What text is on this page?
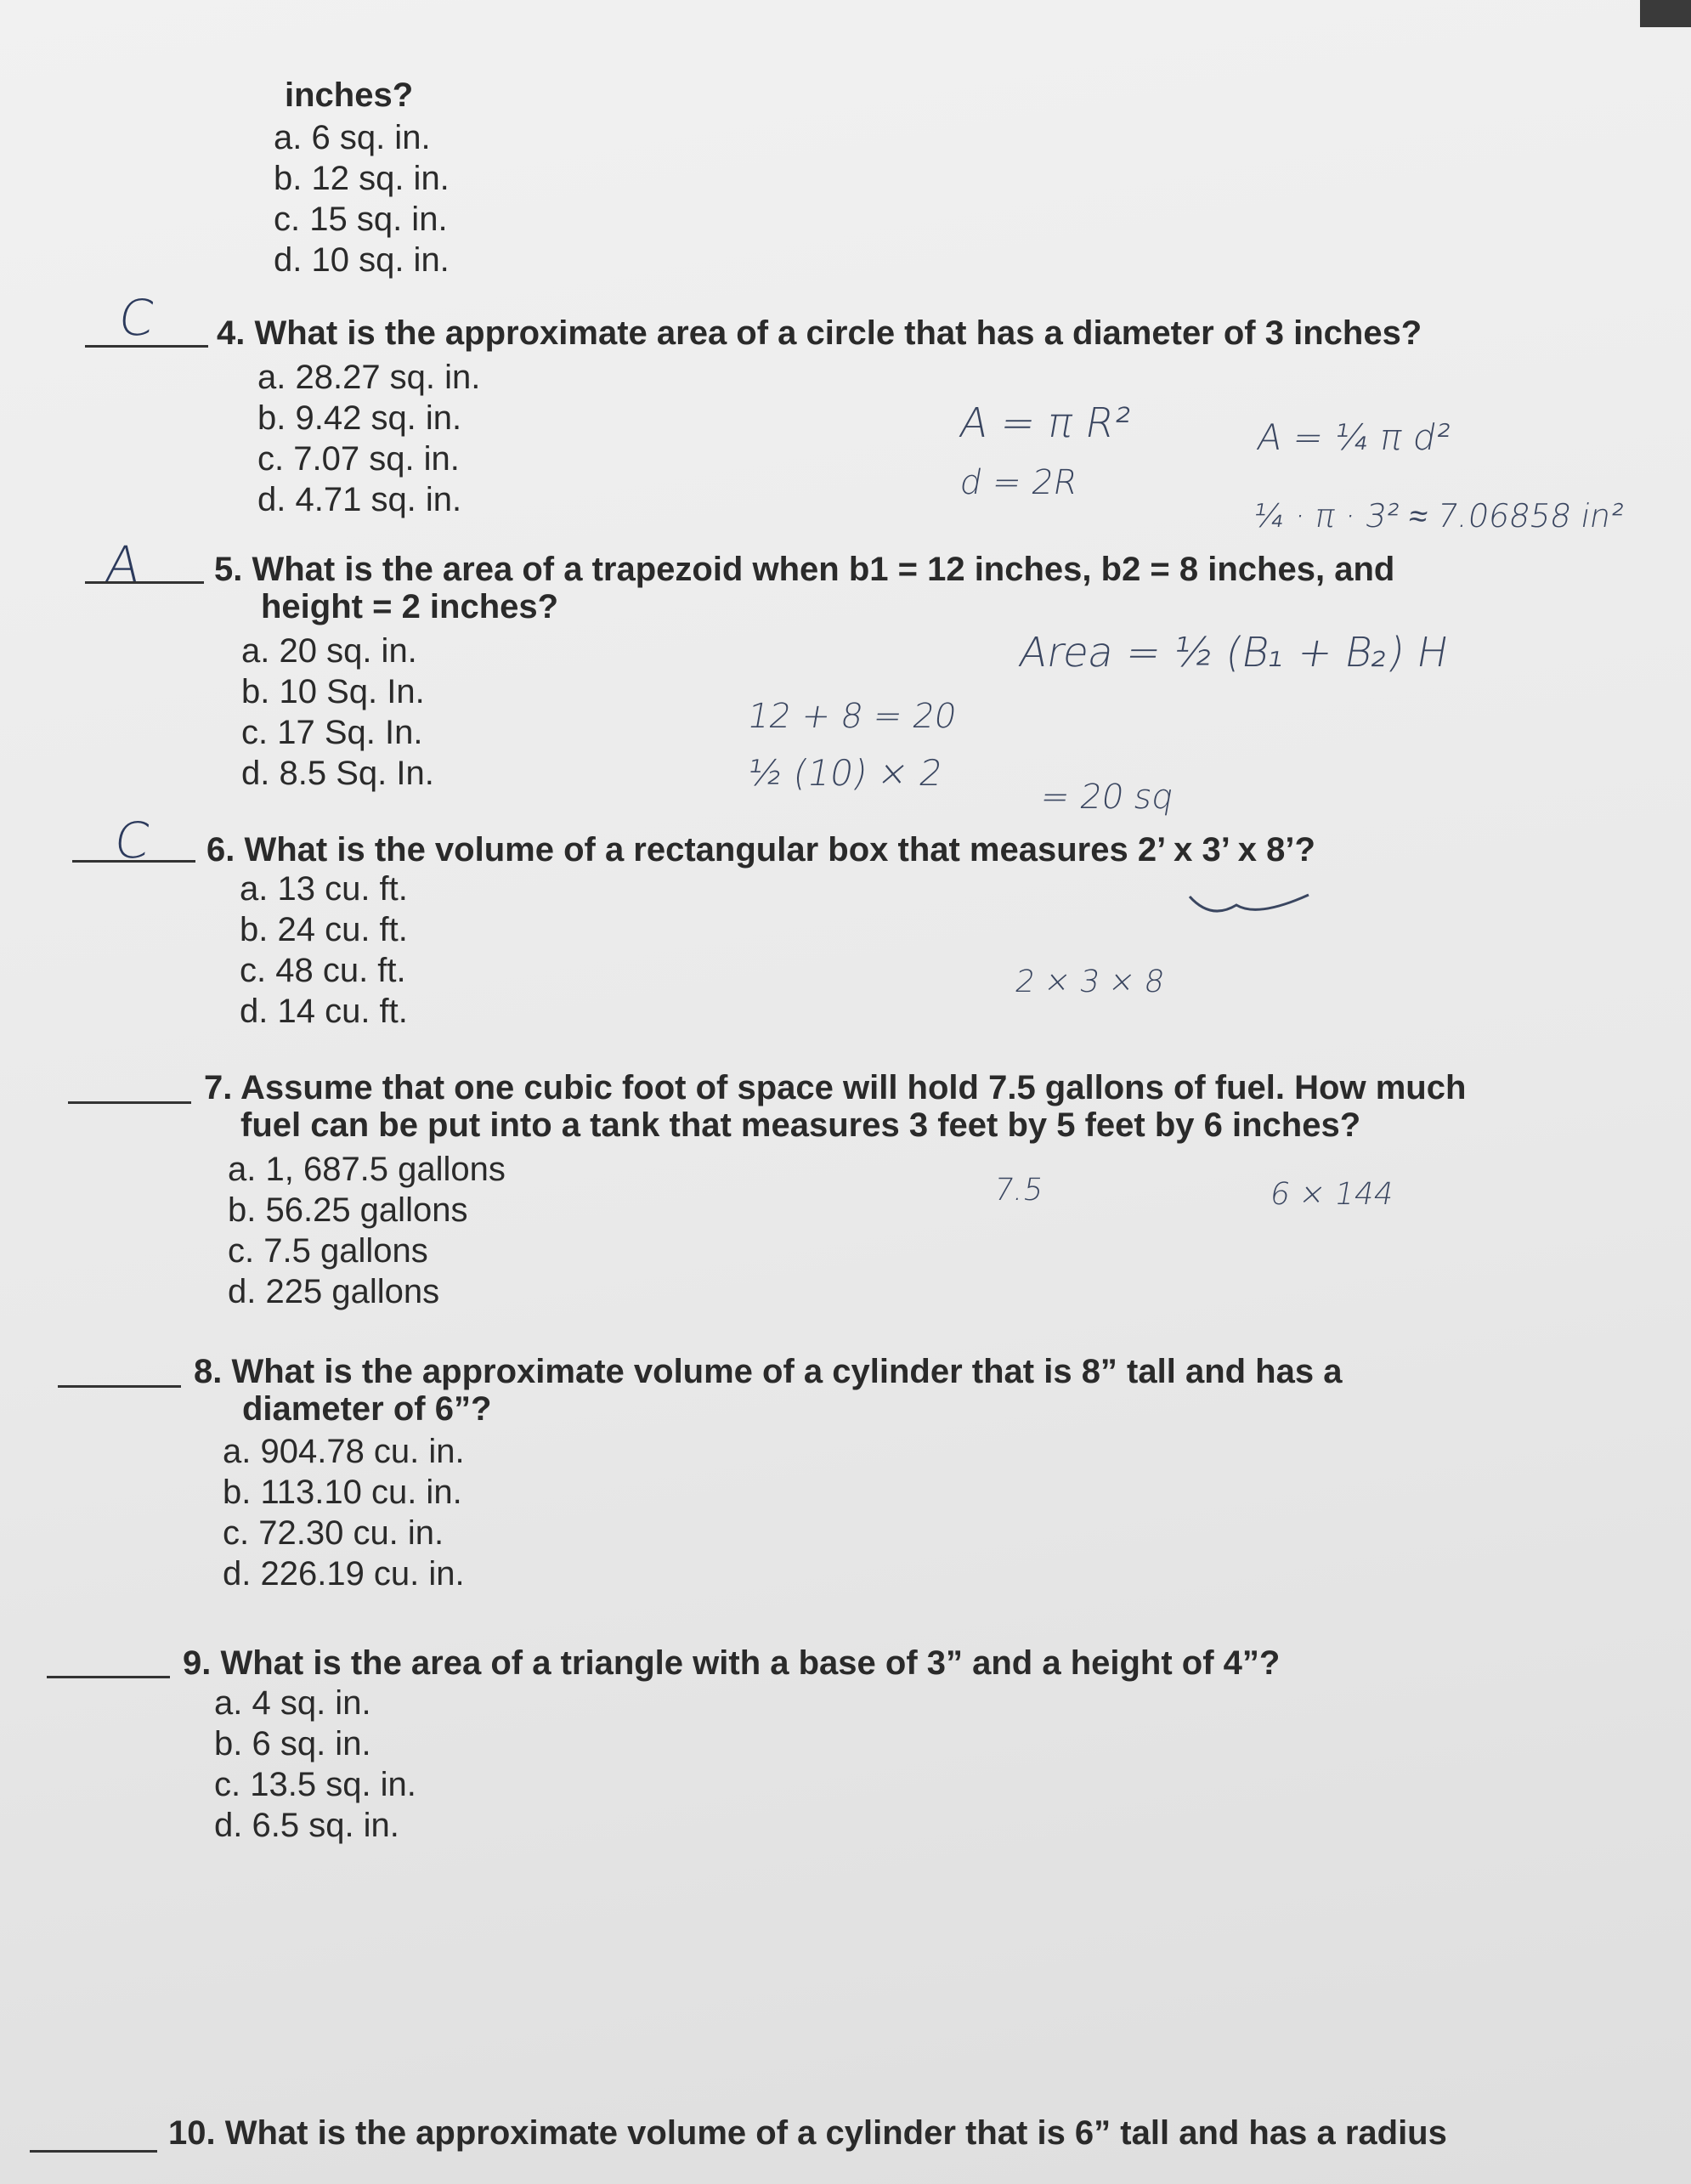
inches?
a. 6 sq. in.
b. 12 sq. in.
c. 15 sq. in.
d. 10 sq. in.
C 4. What is the approximate area of a circle that has a diameter of 3 inches?
a. 28.27 sq. in.
b. 9.42 sq. in.
c. 7.07 sq. in.
d. 4.71 sq. in.
A = π R²
d = 2R
A = ¼ π d²
¼ · π · 3² ≈ 7.06858 in²
A 5. What is the area of a trapezoid when b1 = 12 inches, b2 = 8 inches, and
height = 2 inches?
a. 20 sq. in.
b. 10 Sq. In.
c. 17 Sq. In.
d. 8.5 Sq. In.
Area = ½ (B₁ + B₂) H
12 + 8 = 20
½ (10) × 2
= 20 sq
C 6. What is the volume of a rectangular box that measures 2’ x 3’ x 8’?
a. 13 cu. ft.
b. 24 cu. ft.
c. 48 cu. ft.
d. 14 cu. ft.
2 × 3 × 8
7. Assume that one cubic foot of space will hold 7.5 gallons of fuel. How much
fuel can be put into a tank that measures 3 feet by 5 feet by 6 inches?
a. 1, 687.5 gallons
b. 56.25 gallons
c. 7.5 gallons
d. 225 gallons
7.5	6 × 144
8. What is the approximate volume of a cylinder that is 8” tall and has a
diameter of 6”?
a. 904.78 cu. in.
b. 113.10 cu. in.
c. 72.30 cu. in.
d. 226.19 cu. in.
9. What is the area of a triangle with a base of 3” and a height of 4”?
a. 4 sq. in.
b. 6 sq. in.
c. 13.5 sq. in.
d. 6.5 sq. in.
10. What is the approximate volume of a cylinder that is 6” tall and has a radius
